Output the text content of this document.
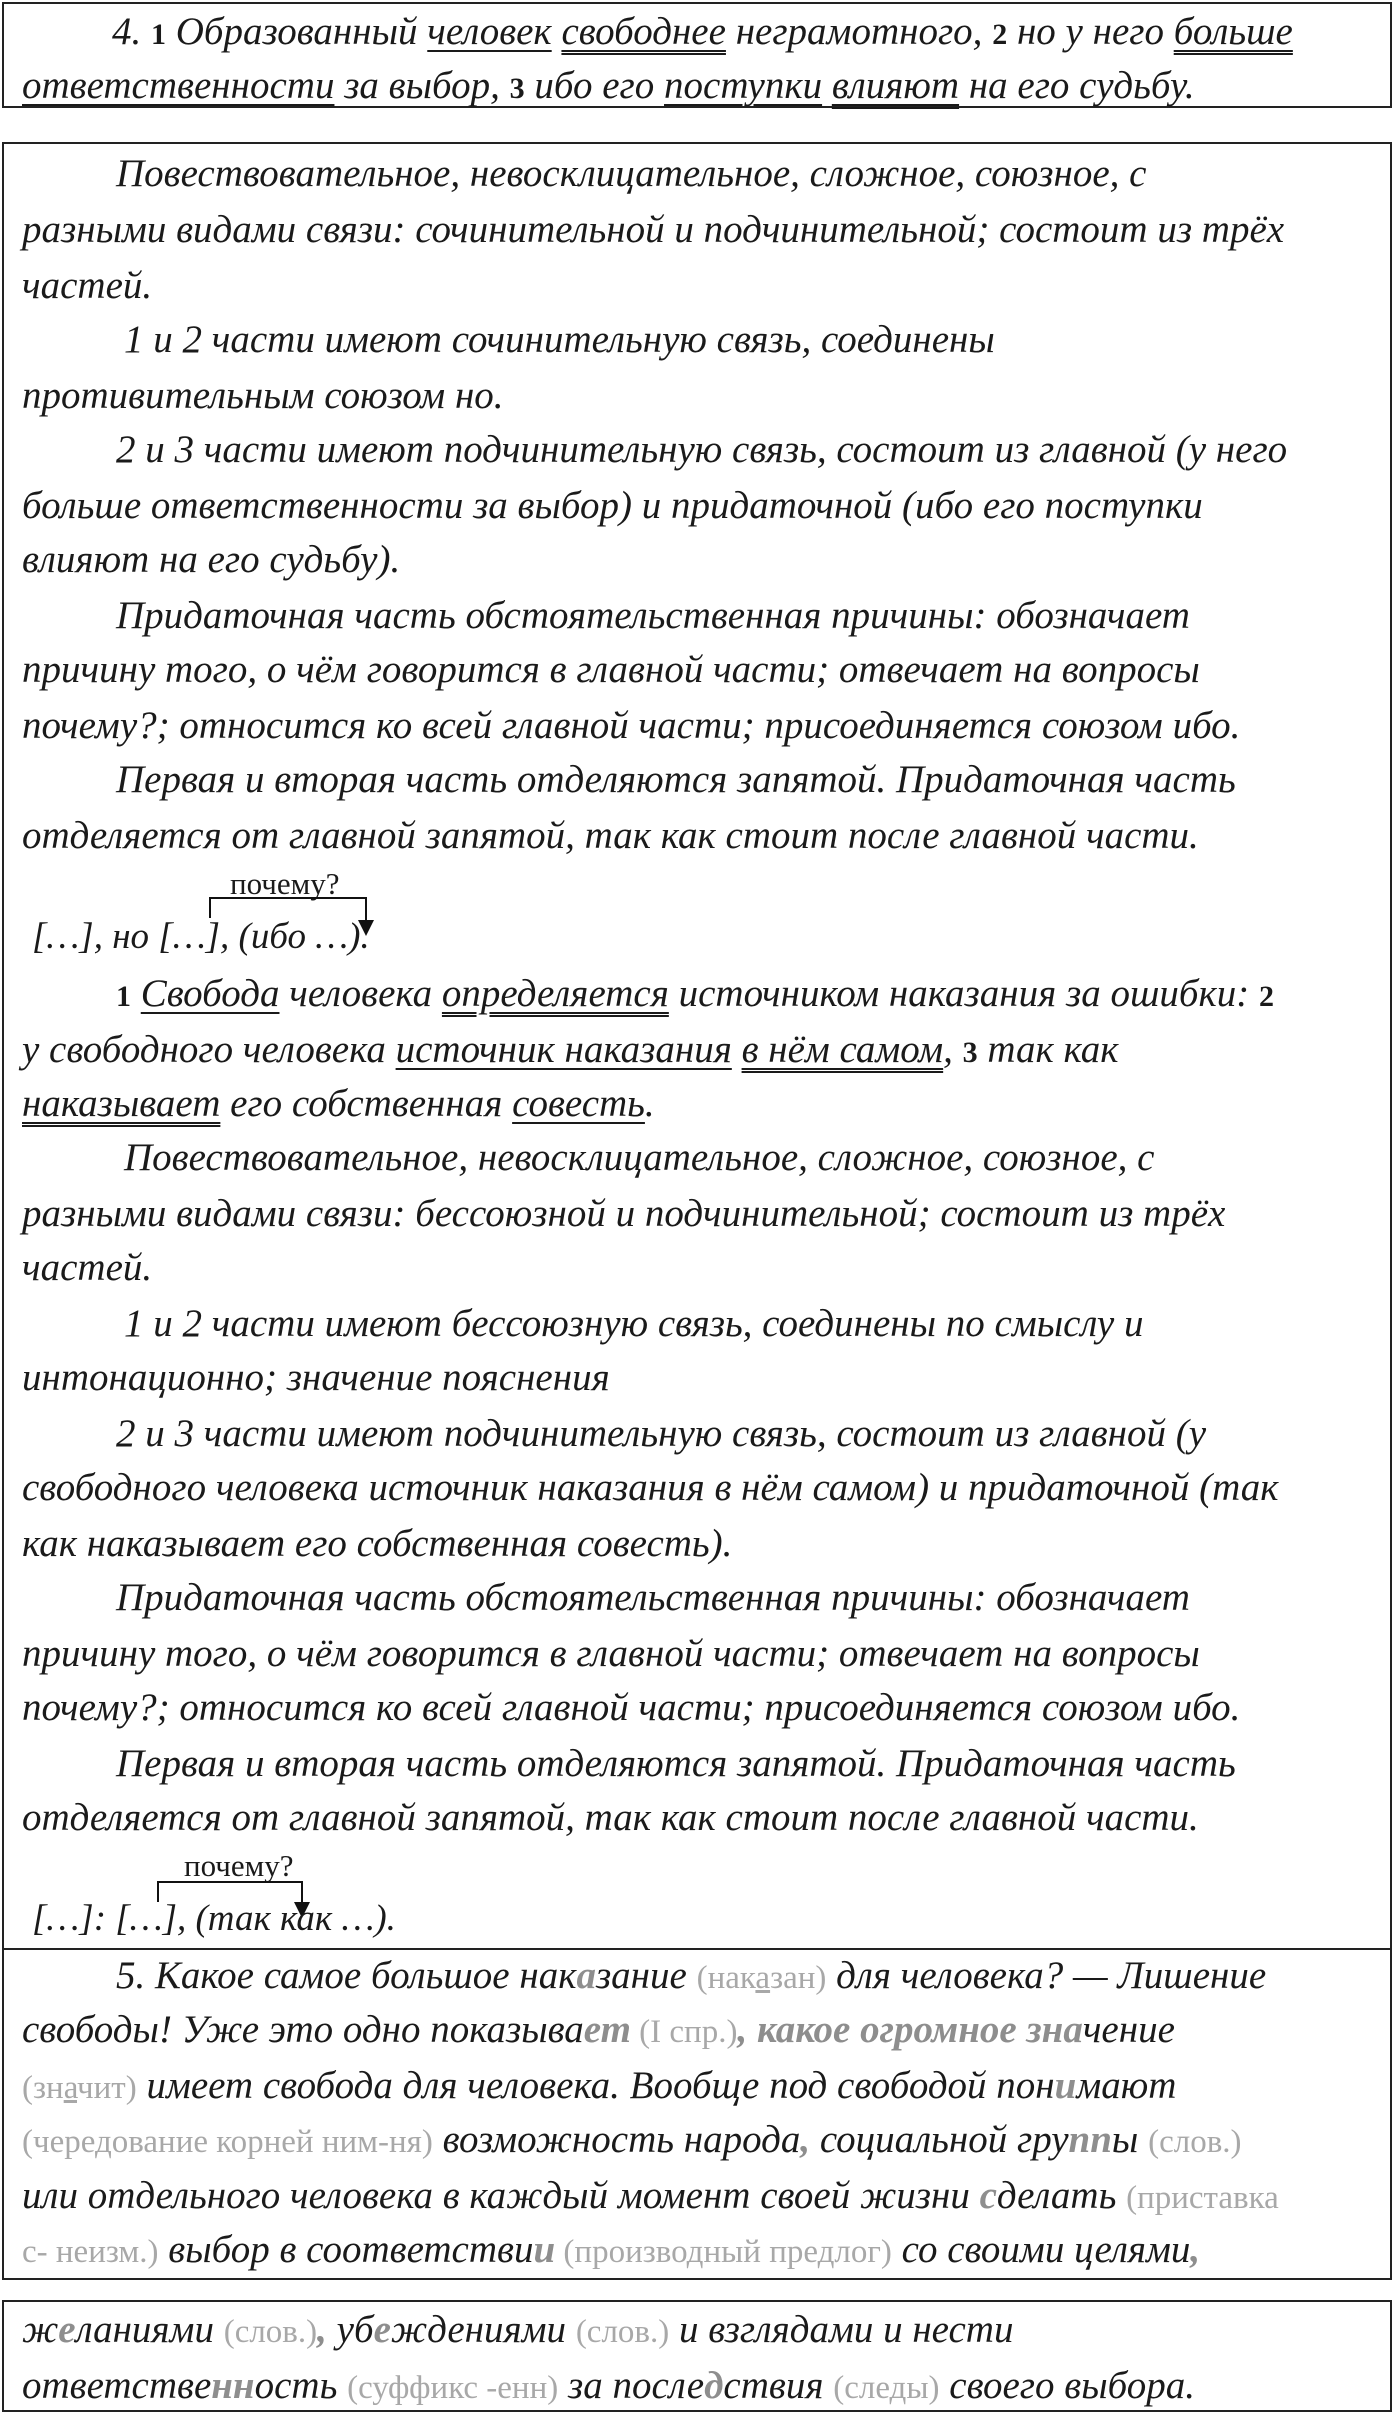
4. 1 Образованный человек свободнее неграмотного, 2 но у него больше
ответственности за выбор, 3 ибо его поступки влияют на его судьбу.
Повествовательное, невосклицательное, сложное, союзное, с
разными видами связи: сочинительной и подчинительной; состоит из трёх
частей.
1 и 2 части имеют сочинительную связь, соединены
противительным союзом но.
2 и 3 части имеют подчинительную связь, состоит из главной (у него
больше ответственности за выбор) и придаточной (ибо его поступки
влияют на его судьбу).
Придаточная часть обстоятельственная причины: обозначает
причину того, о чём говорится в главной части; отвечает на вопросы
почему?; относится ко всей главной части; присоединяется союзом ибо.
Первая и вторая часть отделяются запятой. Придаточная часть
отделяется от главной запятой, так как стоит после главной части.
почему?
[…], но […], (ибо …).
1 Свобода человека определяется источником наказания за ошибки: 2
у свободного человека источник наказания в нём самом, 3 так как
наказывает его собственная совесть.
Повествовательное, невосклицательное, сложное, союзное, с
разными видами связи: бессоюзной и подчинительной; состоит из трёх
частей.
1 и 2 части имеют бессоюзную связь, соединены по смыслу и
интонационно; значение пояснения
2 и 3 части имеют подчинительную связь, состоит из главной (у
свободного человека источник наказания в нём самом) и придаточной (так
как наказывает его собственная совесть).
Придаточная часть обстоятельственная причины: обозначает
причину того, о чём говорится в главной части; отвечает на вопросы
почему?; относится ко всей главной части; присоединяется союзом ибо.
Первая и вторая часть отделяются запятой. Придаточная часть
отделяется от главной запятой, так как стоит после главной части.
почему?
[…]: […], (так как …).
5. Какое самое большое наказание (наказан) для человека? — Лишение
свободы! Уже это одно показывает (I спр.), какое огромное значение
(значит) имеет свобода для человека. Вообще под свободой понимают
(чередование корней ним-ня) возможность народа, социальной группы (слов.)
или отдельного человека в каждый момент своей жизни сделать (приставка
с- неизм.) выбор в соответствии (производный предлог) со своими целями,
желаниями (слов.), убеждениями (слов.) и взглядами и нести
ответственность (суффикс -енн) за последствия (следы) своего выбора.
